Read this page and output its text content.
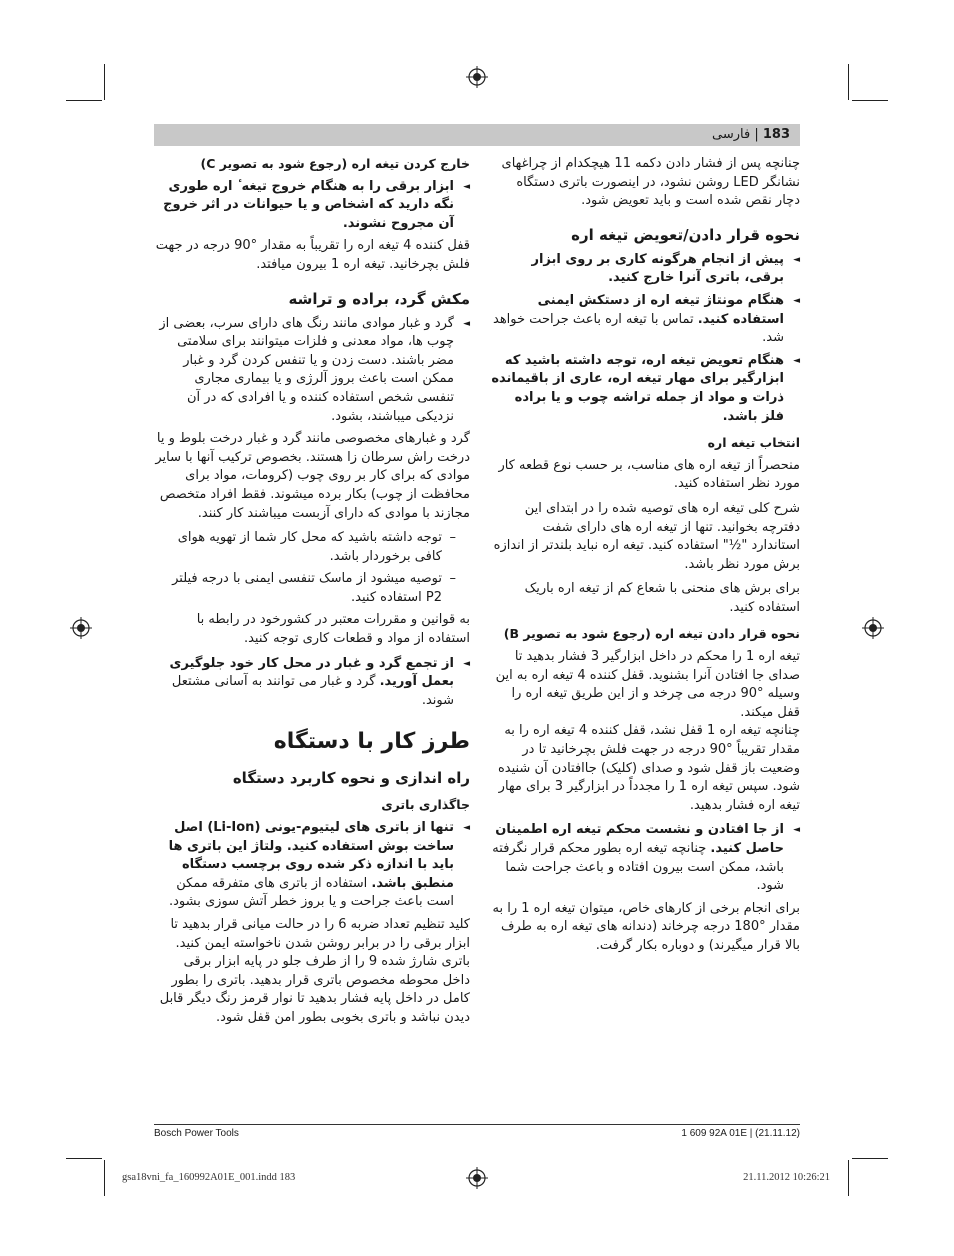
183 | فارسی

چنانچه پس از فشار دادن دکمه 11 هیچکدام از چراغهای نشانگر LED روشن نشود، در اینصورت باتری دستگاه دچار نقص شده است و باید تعویض شود.

نحوه قرار دادن/تعویض تیغه اره
◄ پیش از انجام هرگونه کاری بر روی ابزار برقی، باتری آنرا خارج کنید.
◄ هنگام مونتاژ تیغه اره از دستکش ایمنی استفاده کنید. تماس با تیغه اره باعث جراحت خواهد شد.
◄ هنگام تعویض تیغه اره، توجه داشته باشید که ابزارگیر برای مهار تیغه اره، عاری از باقیمانده ذرات و مواد از جمله تراشه چوب و یا براده فلز باشد.
انتخاب تیغه اره

منحصراً از تیغه اره های مناسب، بر حسب نوع قطعه کار مورد نظر استفاده کنید.

شرح کلی تیغه اره های توصیه شده را در ابتدای این دفترچه بخوانید. تنها از تیغه اره های دارای شفت استاندارد "½" استفاده کنید. تیغه اره نباید بلندتر از اندازه برش مورد نظر باشد.

برای برش های منحنی با شعاع کم از تیغه اره باریک استفاده کنید.

نحوه قرار دادن تیغه اره (رجوع شود به تصویر B)

تیغه اره 1 را محکم در داخل ابزارگیر 3 فشار بدهید تا صدای جا افتادن آنرا بشنوید. قفل کننده 4 تیغه اره به این وسیله °90 درجه می چرخد و از این طریق تیغه اره را قفل میکند.

چنانچه تیغه اره 1 قفل نشد، قفل کننده 4 تیغه اره را به مقدار تقریباً °90 درجه در جهت فلش بچرخانید تا در وضعیت باز قفل شود و صدای (کلیک) جاافتادن آن شنیده شود. سپس تیغه اره 1 را مجدداً در ابزارگیر 3 برای مهار تیغه اره فشار بدهید.

◄ از جا افتادن و نشست محکم تیغه اره اطمینان حاصل کنید. چنانچه تیغه اره بطور محکم قرار نگرفته باشد، ممکن است بیرون افتاده و باعث جراحت شما شود.

برای انجام برخی از کارهای خاص، میتوان تیغه اره 1 را به مقدار °180 درجه چرخاند (دندانه های تیغه اره به طرف بالا قرار میگیرند) و دوباره بکار گرفت.

خارج کردن تیغه اره (رجوع شود به تصویر C)
◄ ابزار برقی را به هنگام خروج تیغه ٔ اره طوری نگه دارید که اشخاص و یا حیوانات در اثر خروج آن مجروح نشوند.

قفل کننده 4 تیغه اره را تقریباً به مقدار °90 درجه در جهت فلش بچرخانید. تیغه اره 1 بیرون میافتد.

مکش گرد، براده و تراشه
◄ گرد و غبار موادی مانند رنگ های دارای سرب، بعضی از چوب ها، مواد معدنی و فلزات میتوانند برای سلامتی مضر باشند. دست زدن و یا تنفس کردن گرد و غبار ممکن است باعث بروز آلرژی و یا بیماری مجاری تنفسی شخص استفاده کننده و یا افرادی که در آن نزدیکی میباشند، بشود.

گرد و غبارهای مخصوصی مانند گرد و غبار درخت بلوط و یا درخت راش سرطان زا هستند. بخصوص ترکیب آنها با سایر موادی که برای کار بر روی چوب (کرومات، مواد برای محافظت از چوب) بکار برده میشوند. فقط افراد متخصص مجازند با موادی که دارای آزبست میباشند کار کنند.

– توجه داشته باشید که محل کار شما از تهویه هوای کافی برخوردار باشد.
– توصیه میشود از ماسک تنفسی ایمنی با درجه فیلتر P2 استفاده کنید.

به قوانین و مقررات معتبر در کشورخود در رابطه با استفاده از مواد و قطعات کاری توجه کنید.

◄ از تجمع گرد و غبار در محل کار خود جلوگیری بعمل آورید. گرد و غبار می توانند به آسانی مشتعل شوند.
طرز کار با دستگاه
راه اندازی و نحوه کاربرد دستگاه
جاگذاری باتری
◄ تنها از باتری های لیتیوم-یونی (Li-Ion) اصل ساخت بوش استفاده کنید. ولتاژ این باتری ها باید با اندازه ذکر شده روی برچسب دستگاه منطبق باشد. استفاده از باتری های متفرقه ممکن است باعث جراحت و یا بروز خطر آتش سوزی بشود.

کلید تنظیم تعداد ضربه 6 را در حالت میانی قرار بدهید تا ابزار برقی را در برابر روشن شدن ناخواسته ایمن کنید. باتری شارژ شده 9 را از طرف جلو در پایه ابزار برقی داخل محوطه مخصوص باتری قرار بدهید. باتری را بطور کامل در داخل پایه فشار بدهید تا نوار قرمز رنگ دیگر قابل دیدن نباشد و باتری بخوبی بطور امن قفل شود.

Bosch Power Tools	1 609 92A 01E | (21.11.12)
gsa18vni_fa_160992A01E_001.indd 183	21.11.2012 10:26:21
